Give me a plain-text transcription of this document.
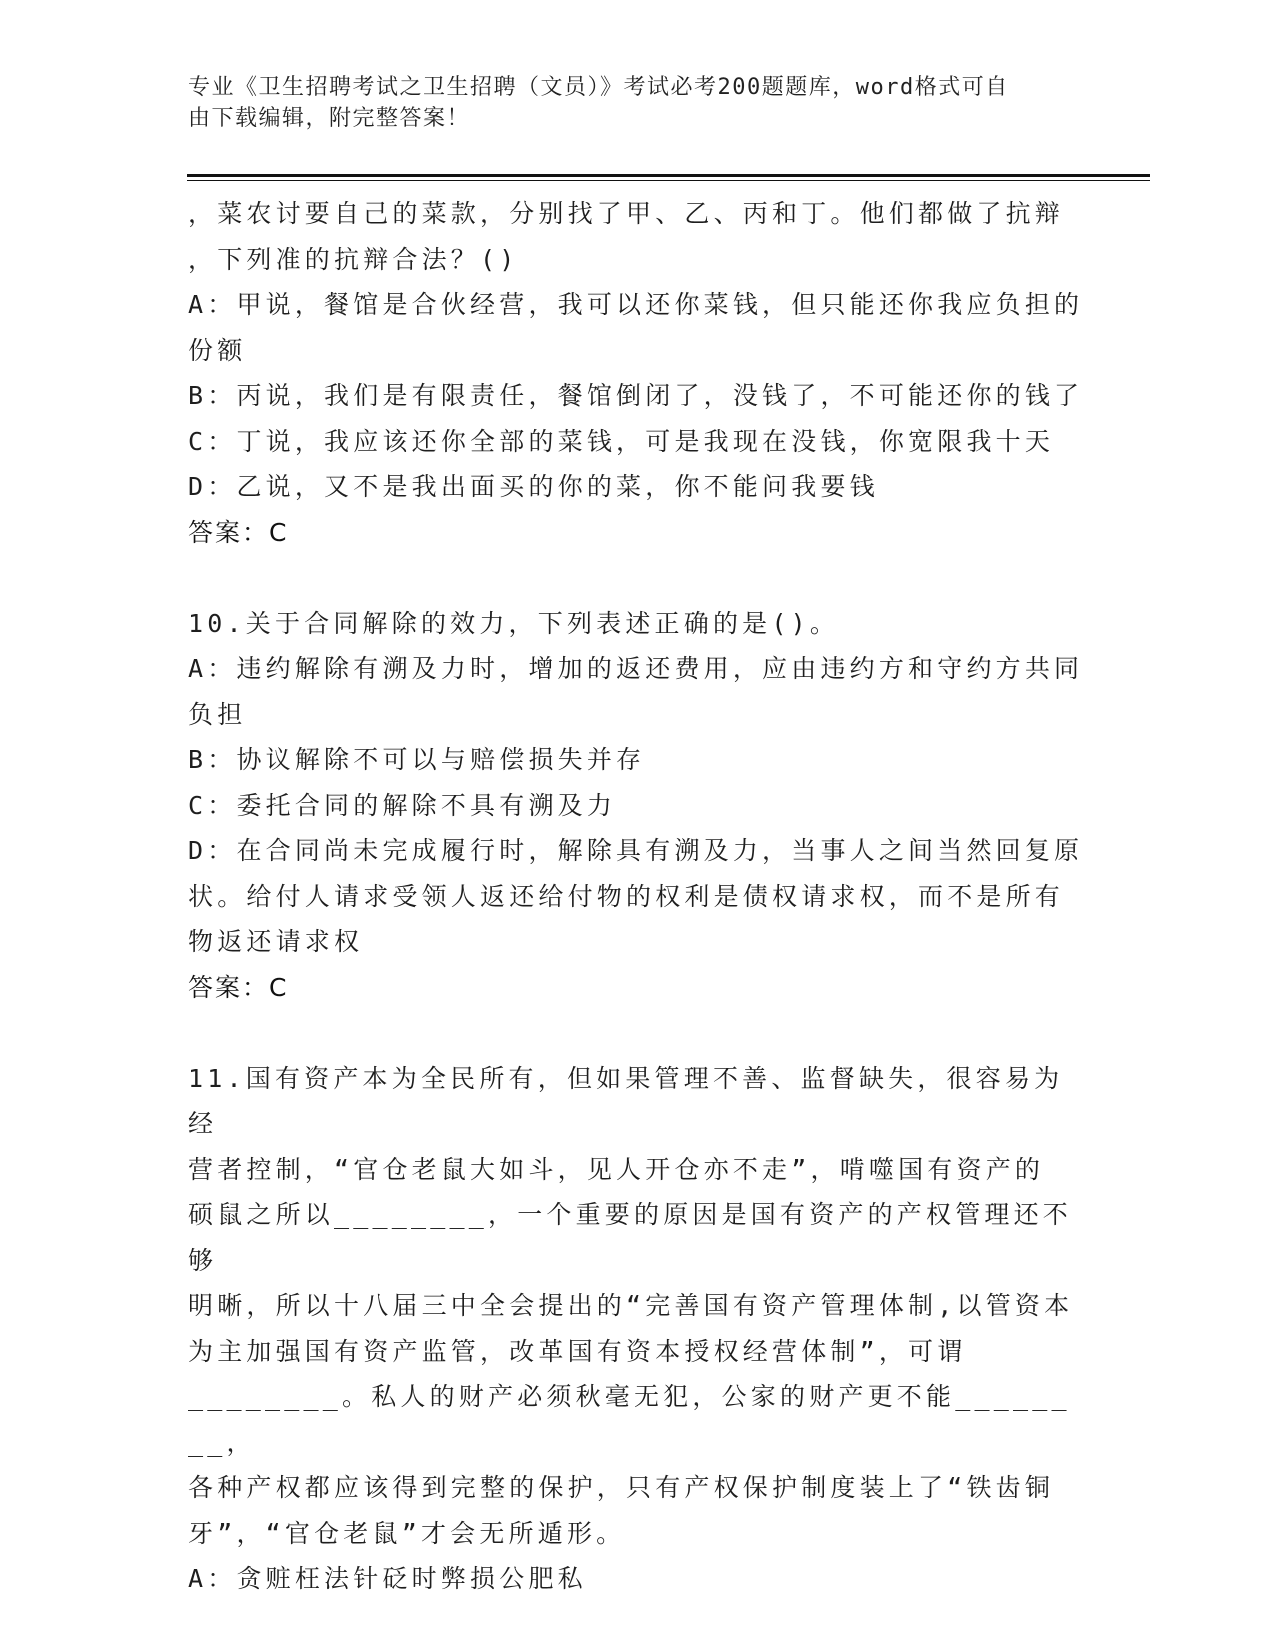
专业《卫生招聘考试之卫生招聘（文员）》考试必考200题题库，word格式可自
由下载编辑，附完整答案！
，菜农讨要自己的菜款，分别找了甲、乙、丙和丁。他们都做了抗辩
，下列准的抗辩合法？()
A：甲说，餐馆是合伙经营，我可以还你菜钱，但只能还你我应负担的
份额
B：丙说，我们是有限责任，餐馆倒闭了，没钱了，不可能还你的钱了
C：丁说，我应该还你全部的菜钱，可是我现在没钱，你宽限我十天
D：乙说，又不是我出面买的你的菜，你不能问我要钱
答案：C
10.关于合同解除的效力，下列表述正确的是()。
A：违约解除有溯及力时，增加的返还费用，应由违约方和守约方共同
负担
B：协议解除不可以与赔偿损失并存
C：委托合同的解除不具有溯及力
D：在合同尚未完成履行时，解除具有溯及力，当事人之间当然回复原
状。给付人请求受领人返还给付物的权利是债权请求权，而不是所有
物返还请求权
答案：C
11.国有资产本为全民所有，但如果管理不善、监督缺失，很容易为经
营者控制，“官仓老鼠大如斗，见人开仓亦不走”，啃噬国有资产的
硕鼠之所以________，一个重要的原因是国有资产的产权管理还不够
明晰，所以十八届三中全会提出的“完善国有资产管理体制,以管资本
为主加强国有资产监管，改革国有资本授权经营体制”，可谓
________。私人的财产必须秋毫无犯，公家的财产更不能________，
各种产权都应该得到完整的保护，只有产权保护制度装上了“铁齿铜
牙”，“官仓老鼠”才会无所遁形。
A：贪赃枉法针砭时弊损公肥私
